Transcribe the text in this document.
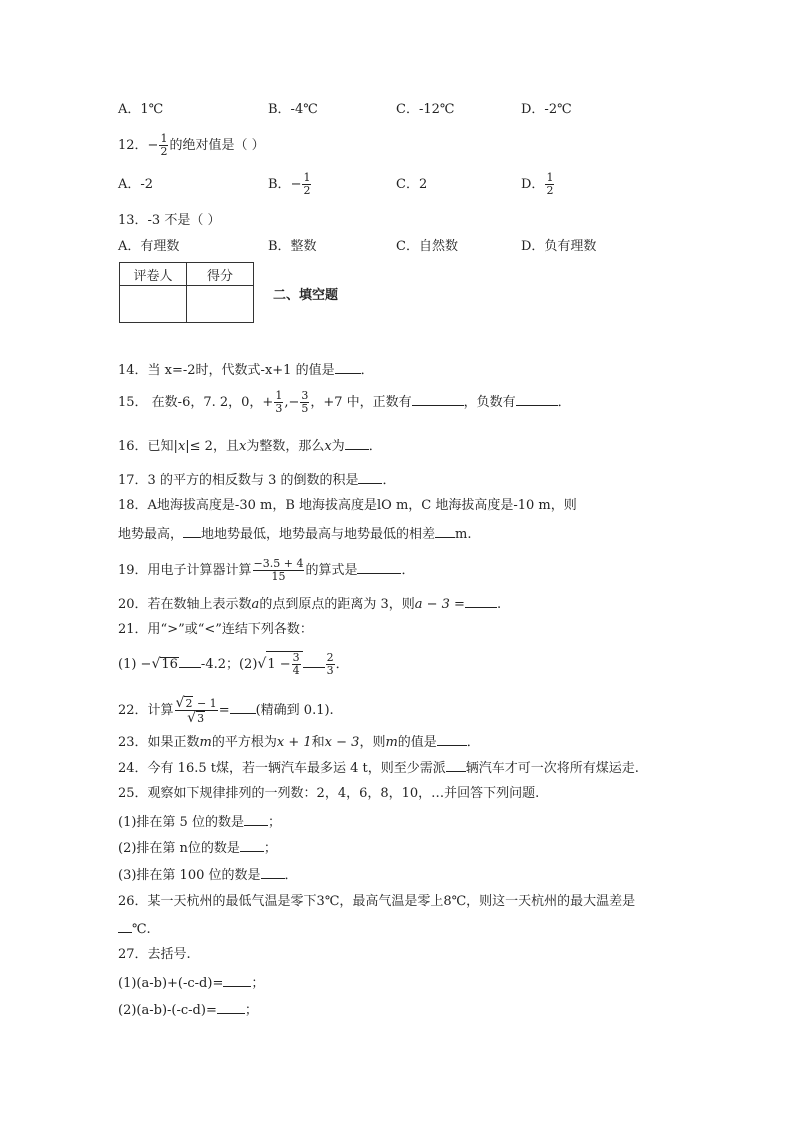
A．1℃	B．-4℃	C．-12℃	D．-2℃
12．− $\frac{1}{2}$ 的绝对值是（ ）
A．-2	B．− $\frac{1}{2}$	C．2	D． $\frac{1}{2}$
13．-3 不是（ ）
A．有理数	B．整数	C．自然数	D．负有理数
评卷人	得分

二、填空题
14．当 x=-2时，代数式-x+1 的值是 ．
15． 在数-6，7. 2，0，+ $\frac{1}{3}$ ,− $\frac{3}{5}$ ，+7 中，正数有	，负数有	．
16．已知|x|≤ 2，且x为整数，那么x为 ．
17．3 的平方的相反数与 3 的倒数的积是 ．
18．A地海拔高度是-30 m，B 地海拔高度是lO m，C 地海拔高度是-10 m，则
地势最高， 地地势最低，地势最高与地势最低的相差 m.
19．用电子计算器计算 $\frac{-3.5 + 4}{15}$ 的算式是	．
20．若在数轴上表示数a的点到原点的距离为 3，则a − 3 = .
21．用“>”或“<”连结下列各数：
(1) −√16 -4.2；$(2)√1 - \frac{3}{4} \frac{2}{3}$ ．
22．计算 $\frac{√2 - 1}{√3}$ = (精确到 0.1).
23．如果正数m的平方根为x + 1和x − 3，则m的值是 ．
24．今有 16.5 t煤，若一辆汽车最多运 4 t，则至少需派 辆汽车才可一次将所有煤运走.
25．观察如下规律排列的一列数：2，4，6，8，10，…并回答下列问题.
(1)排在第 5 位的数是 ；
(2)排在第 n位的数是 ；
(3)排在第 100 位的数是 ．
26．某一天杭州的最低气温是零下3℃，最高气温是零上8℃，则这一天杭州的最大温差是
℃.
27．去括号.
(1)(a-b)+(-c-d)= ；
(2)(a-b)-(-c-d)= ；
